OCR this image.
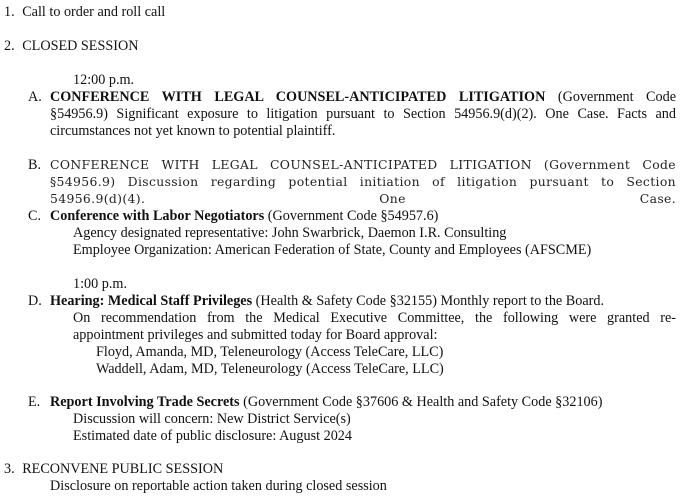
1. Call to order and roll call
2. CLOSED SESSION
12:00 p.m.
A. CONFERENCE WITH LEGAL COUNSEL-ANTICIPATED LITIGATION (Government Code
§54956.9) Significant exposure to litigation pursuant to Section 54956.9(d)(2). One Case. Facts and
circumstances not yet known to potential plaintiff.
B. CONFERENCE WITH LEGAL COUNSEL-ANTICIPATED LITIGATION (Government Code
§54956.9) Discussion regarding potential initiation of litigation pursuant to Section 54956.9(d)(4). One Case.
C. Conference with Labor Negotiators (Government Code §54957.6)
Agency designated representative: John Swarbrick, Daemon I.R. Consulting
Employee Organization: American Federation of State, County and Employees (AFSCME)
1:00 p.m.
D. Hearing: Medical Staff Privileges (Health & Safety Code §32155) Monthly report to the Board.
On recommendation from the Medical Executive Committee, the following were granted re-
appointment privileges and submitted today for Board approval:
Floyd, Amanda, MD, Teleneurology (Access TeleCare, LLC)
Waddell, Adam, MD, Teleneurology (Access TeleCare, LLC)
E. Report Involving Trade Secrets (Government Code §37606 & Health and Safety Code §32106)
Discussion will concern: New District Service(s)
Estimated date of public disclosure: August 2024
3. RECONVENE PUBLIC SESSION
Disclosure on reportable action taken during closed session
